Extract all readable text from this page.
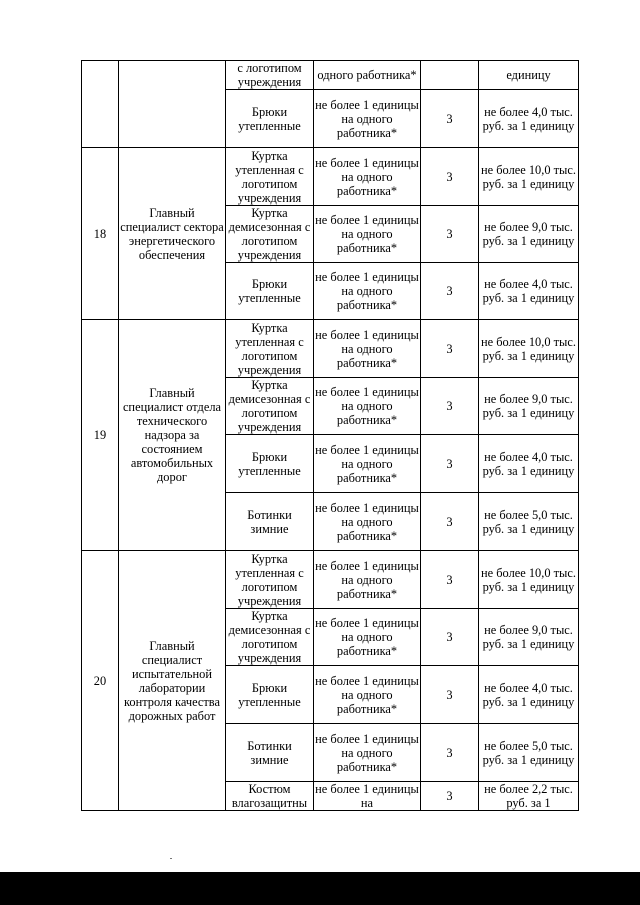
		с логотипом учреждения	одного работника*		единицу
		Брюки утепленные	не более 1 единицы на одного работника*	3	не более 4,0 тыс. руб. за 1 единицу
18	Главный специалист сектора энергетического обеспечения	Куртка утепленная с логотипом учреждения	не более 1 единицы на одного работника*	3	не более 10,0 тыс. руб. за 1 единицу
		Куртка демисезонная с логотипом учреждения	не более 1 единицы на одного работника*	3	не более 9,0 тыс. руб. за 1 единицу
		Брюки утепленные	не более 1 единицы на одного работника*	3	не более 4,0 тыс. руб. за 1 единицу
19	Главный специалист отдела технического надзора за состоянием автомобильных дорог	Куртка утепленная с логотипом учреждения	не более 1 единицы на одного работника*	3	не более 10,0 тыс. руб. за 1 единицу
		Куртка демисезонная с логотипом учреждения	не более 1 единицы на одного работника*	3	не более 9,0 тыс. руб. за 1 единицу
		Брюки утепленные	не более 1 единицы на одного работника*	3	не более 4,0 тыс. руб. за 1 единицу
		Ботинки зимние	не более 1 единицы на одного работника*	3	не более 5,0 тыс. руб. за 1 единицу
20	Главный специалист испытательной лаборатории контроля качества дорожных работ	Куртка утепленная с логотипом учреждения	не более 1 единицы на одного работника*	3	не более 10,0 тыс. руб. за 1 единицу
		Куртка демисезонная с логотипом учреждения	не более 1 единицы на одного работника*	3	не более 9,0 тыс. руб. за 1 единицу
		Брюки утепленные	не более 1 единицы на одного работника*	3	не более 4,0 тыс. руб. за 1 единицу
		Ботинки зимние	не более 1 единицы на одного работника*	3	не более 5,0 тыс. руб. за 1 единицу
		Костюм влагозащитны	не более 1 единицы на	3	не более 2,2 тыс. руб. за 1
